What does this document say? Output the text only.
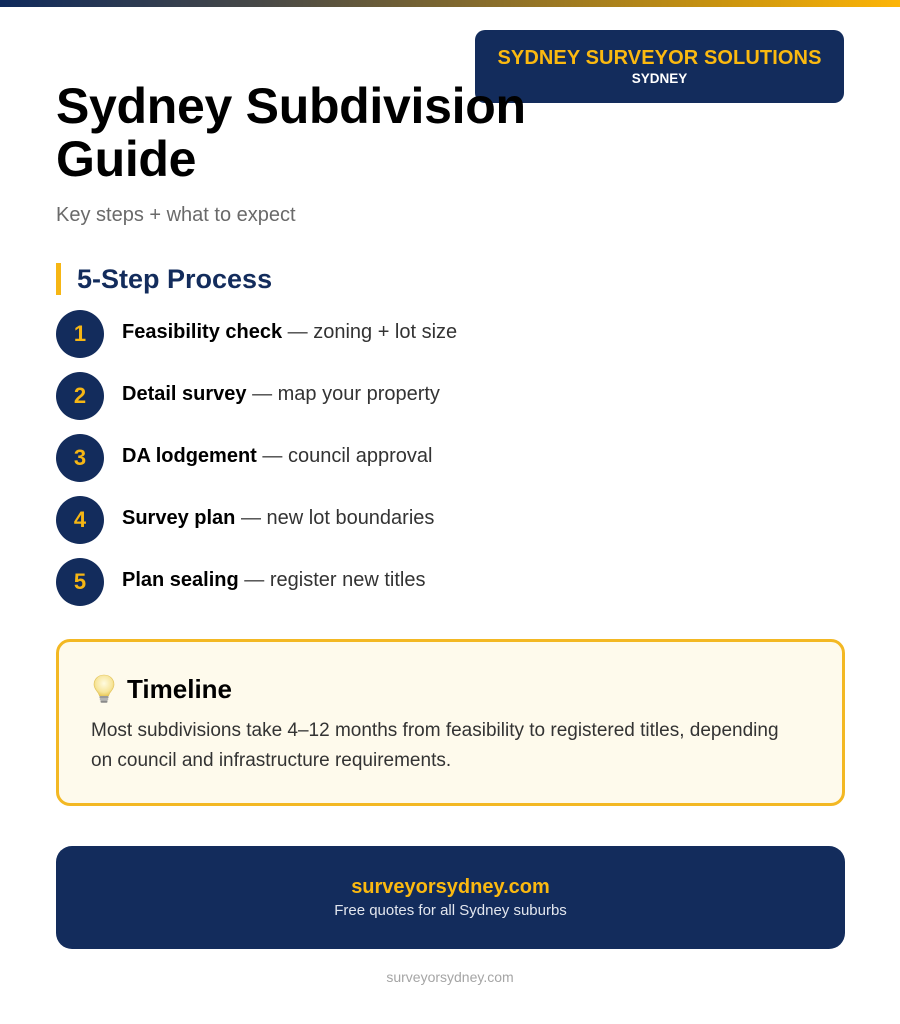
SYDNEY SURVEYOR SOLUTIONS
SYDNEY
Sydney Subdivision Guide
Key steps + what to expect
5-Step Process
1	Feasibility check — zoning + lot size
2	Detail survey — map your property
3	DA lodgement — council approval
4	Survey plan — new lot boundaries
5	Plan sealing — register new titles
Timeline

Most subdivisions take 4–12 months from feasibility to registered titles, depending on council and infrastructure requirements.

surveyorsydney.com
Free quotes for all Sydney suburbs
surveyorsydney.com
